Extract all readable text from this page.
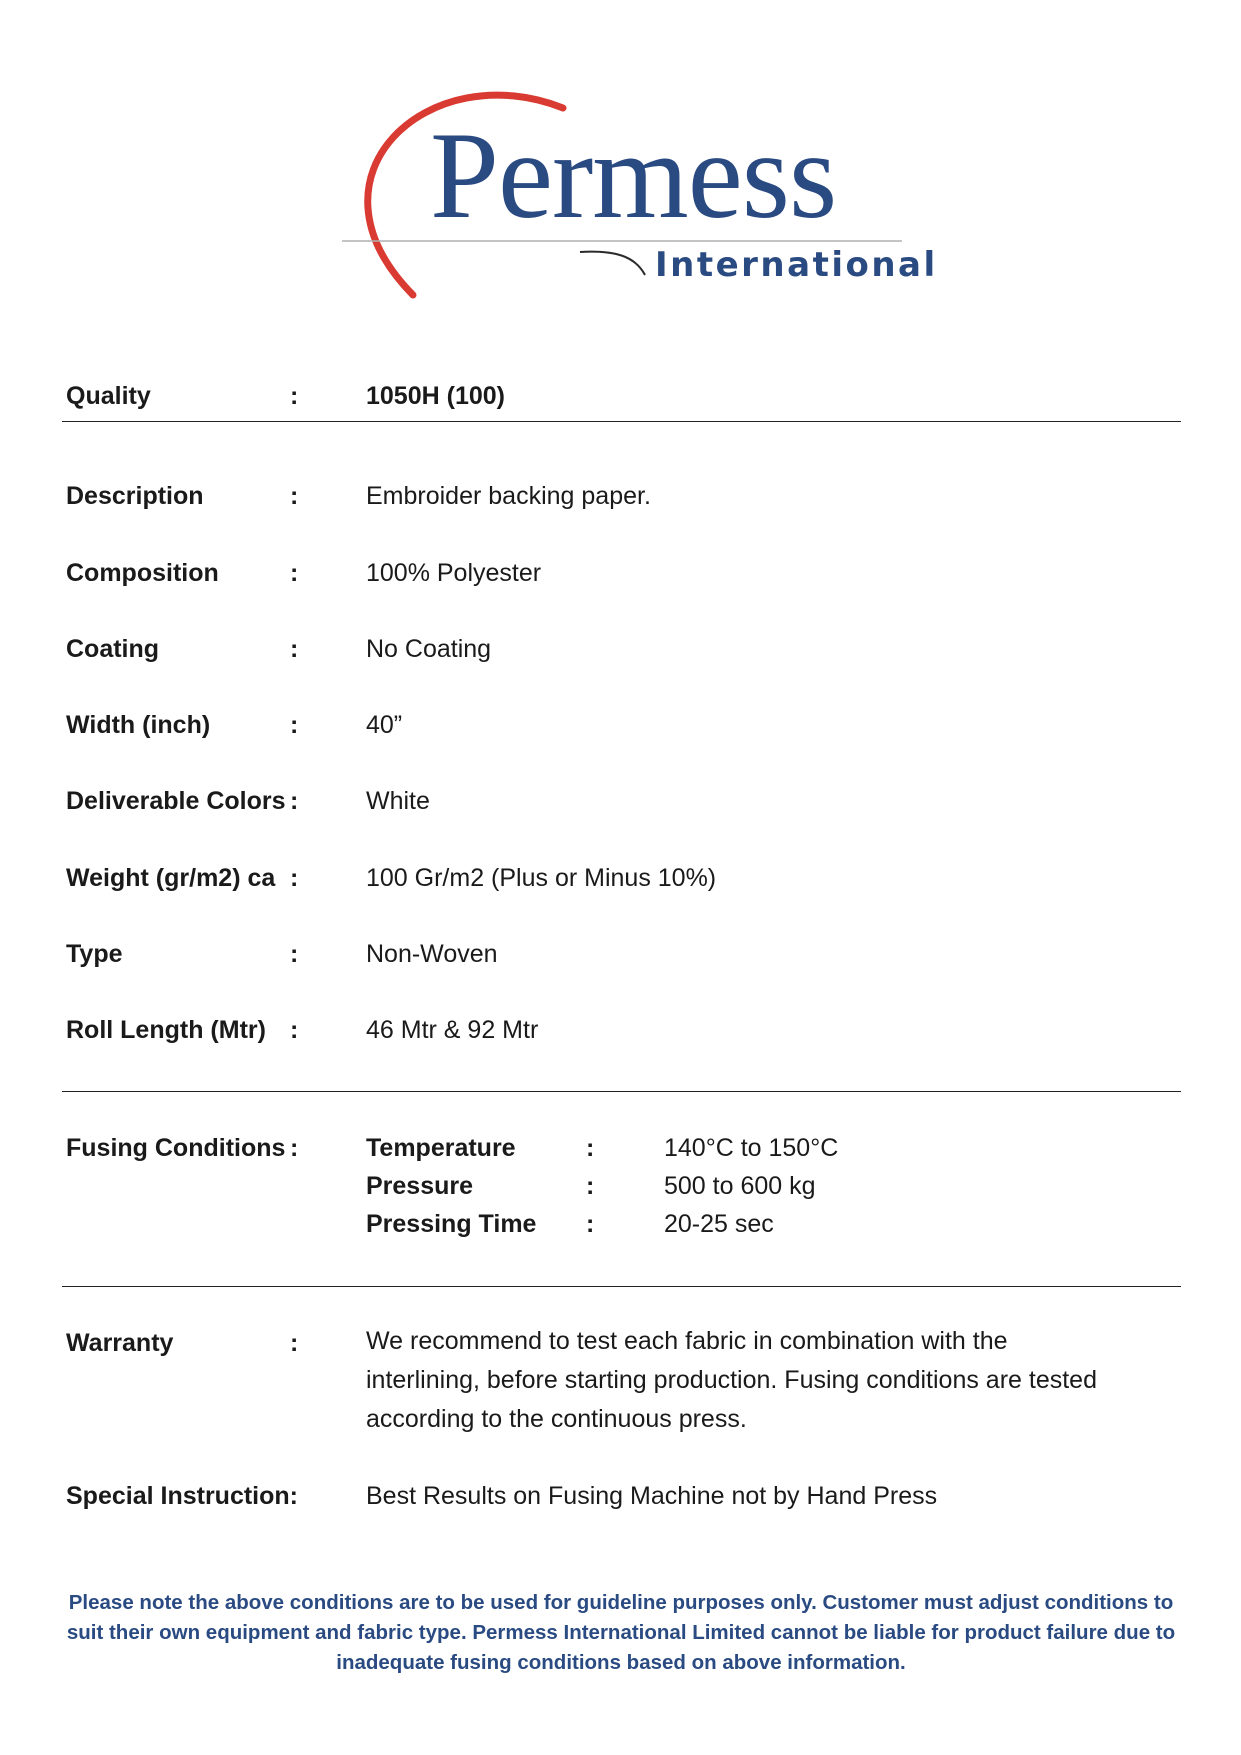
Permess
International
Quality	:	1050H (100)
Description	:	Embroider backing paper.
Composition	:	100% Polyester
Coating	:	No Coating
Width (inch)	:	40”
Deliverable Colors :	White
Weight (gr/m2) ca :	100 Gr/m2 (Plus or Minus 10%)
Type	:	Non-Woven
Roll Length (Mtr) :	46 Mtr & 92 Mtr
Fusing Conditions :	Temperature	:	140°C to 150°C
Pressure	:	500 to 600 kg
Pressing Time :	20-25 sec
Warranty	:	We recommend to test each fabric in combination with the

interlining, before starting production. Fusing conditions are tested

according to the continuous press.

Special Instruction:	Best Results on Fusing Machine not by Hand Press

Please note the above conditions are to be used for guideline purposes only. Customer must adjust conditions to

suit their own equipment and fabric type. Permess International Limited cannot be liable for product failure due to

inadequate fusing conditions based on above information.
